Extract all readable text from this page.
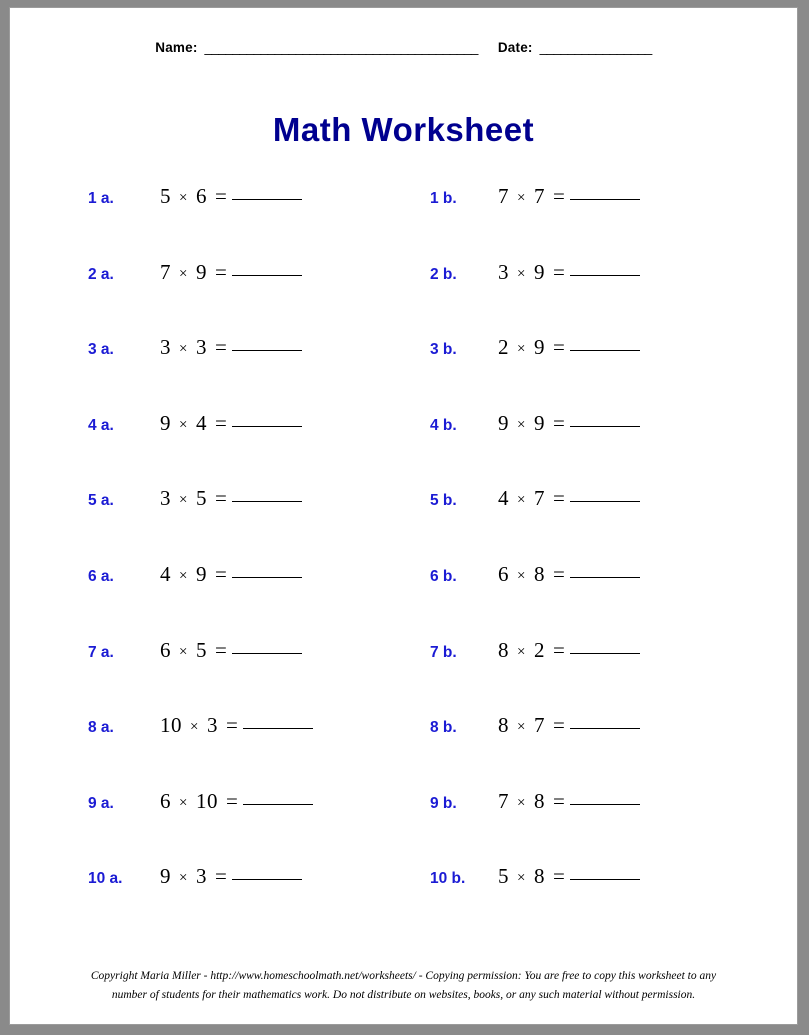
Name: _______________________________________ Date: ________________
Math Worksheet
1 a.	5 × 6 =	1 b.	7 × 7 =
2 a.	7 × 9 =	2 b.	3 × 9 =
3 a.	3 × 3 =	3 b.	2 × 9 =
4 a.	9 × 4 =	4 b.	9 × 9 =
5 a.	3 × 5 =	5 b.	4 × 7 =
6 a.	4 × 9 =	6 b.	6 × 8 =
7 a.	6 × 5 =	7 b.	8 × 2 =
8 a.	10 × 3 =	8 b.	8 × 7 =
9 a.	6 × 10 =	9 b.	7 × 8 =
10 a.	9 × 3 =	10 b.	5 × 8 =
Copyright Maria Miller - http://www.homeschoolmath.net/worksheets/ - Copying permission: You are free to copy this worksheet to any
number of students for their mathematics work. Do not distribute on websites, books, or any such material without permission.
